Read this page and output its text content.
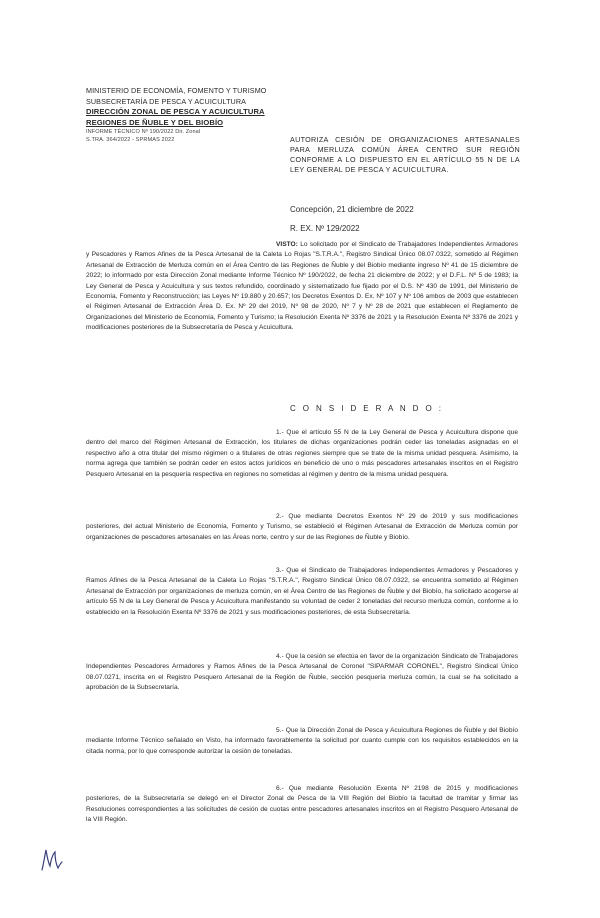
MINISTERIO DE ECONOMÍA, FOMENTO Y TURISMO
SUBSECRETARÍA DE PESCA Y ACUICULTURA
DIRECCIÓN ZONAL DE PESCA Y ACUICULTURA
REGIONES DE ÑUBLE Y DEL BIOBÍO
INFORME TÉCNICO Nº 190/2022 Dir. Zonal
S.TRA. 364/2022 - SPRMAS 2022	AUTORIZA CESIÓN DE ORGANIZACIONES ARTESANALES PARA MERLUZA COMÚN ÁREA CENTRO SUR REGIÓN CONFORME A LO DISPUESTO EN EL ARTÍCULO 55 N DE LA LEY GENERAL DE PESCA Y ACUICULTURA.
Concepción, 21 diciembre de 2022
R. EX. Nº 129/2022

VISTO: Lo solicitado por el Sindicato de Trabajadores Independientes Armadores y Pescadores y Ramos Afines de la Pesca Artesanal de la Caleta Lo Rojas "S.T.R.A.", Registro Sindical Único 08.07.0322, sometido al Régimen Artesanal de Extracción de Merluza común en el Área Centro de las Regiones de Ñuble y del Biobío mediante ingreso Nº 41 de 15 diciembre de 2022; lo informado por esta Dirección Zonal mediante Informe Técnico Nº 190/2022, de fecha 21 diciembre de 2022; y el D.F.L. Nº 5 de 1983; la Ley General de Pesca y Acuicultura y sus textos refundido, coordinado y sistematizado fue fijado por el D.S. Nº 430 de 1991, del Ministerio de Economía, Fomento y Reconstrucción; las Leyes Nº 19.880 y 20.657; los Decretos Exentos D. Ex. Nº 107 y Nº 106 ambos de 2003 que establecen el Régimen Artesanal de Extracción Área D. Ex. Nº 29 del 2019, Nº 98 de 2020, Nº 7 y Nº 28 de 2021 que establecen el Reglamento de Organizaciones del Ministerio de Economía, Fomento y Turismo; la Resolución Exenta Nº 3376 de 2021 y la Resolución Exenta Nº 3376 de 2021 y modificaciones posteriores de la Subsecretaría de Pesca y Acuicultura.

C O N S I D E R A N D O :

1.- Que el artículo 55 N de la Ley General de Pesca y Acuicultura dispone que dentro del marco del Régimen Artesanal de Extracción, los titulares de dichas organizaciones podrán ceder las toneladas asignadas en el respectivo año a otra titular del mismo régimen o a titulares de otras regiones siempre que se trate de la misma unidad pesquera. Asimismo, la norma agrega que también se podrán ceder en estos actos jurídicos en beneficio de uno o más pescadores artesanales inscritos en el Registro Pesquero Artesanal en la pesquería respectiva en regiones no sometidas al régimen y dentro de la misma unidad pesquera.

2.- Que mediante Decretos Exentos Nº 29 de 2019 y sus modificaciones posteriores, del actual Ministerio de Economía, Fomento y Turismo, se estableció el Régimen Artesanal de Extracción de Merluza común por organizaciones de pescadores artesanales en las Áreas norte, centro y sur de las Regiones de Ñuble y Biobío.

3.- Que el Sindicato de Trabajadores Independientes Armadores y Pescadores y Ramos Afines de la Pesca Artesanal de la Caleta Lo Rojas "S.T.R.A.", Registro Sindical Único 08.07.0322, se encuentra sometido al Régimen Artesanal de Extracción por organizaciones de merluza común, en el Área Centro de las Regiones de Ñuble y del Biobío, ha solicitado acogerse al artículo 55 N de la Ley General de Pesca y Acuicultura manifestando su voluntad de ceder 2 toneladas del recurso merluza común, conforme a lo establecido en la Resolución Exenta Nº 3376 de 2021 y sus modificaciones posteriores, de esta Subsecretaría.

4.- Que la cesión se efectúa en favor de la organización Sindicato de Trabajadores Independientes Pescadores Armadores y Ramos Afines de la Pesca Artesanal de Coronel "SIPARMAR CORONEL", Registro Sindical Único 08.07.0271, inscrita en el Registro Pesquero Artesanal de la Región de Ñuble, sección pesquería merluza común, la cual se ha solicitado a aprobación de la Subsecretaría.

5.- Que la Dirección Zonal de Pesca y Acuicultura Regiones de Ñuble y del Biobío mediante Informe Técnico señalado en Visto, ha informado favorablemente la solicitud por cuanto cumple con los requisitos establecidos en la citada norma, por lo que corresponde autorizar la cesión de toneladas.

6.- Que mediante Resolución Exenta Nº 2198 de 2015 y modificaciones posteriores, de la Subsecretaría se delegó en el Director Zonal de Pesca de la VIII Región del Biobío la facultad de tramitar y firmar las Resoluciones correspondientes a las solicitudes de cesión de cuotas entre pescadores artesanales inscritos en el Registro Pesquero Artesanal de la VIII Región.
